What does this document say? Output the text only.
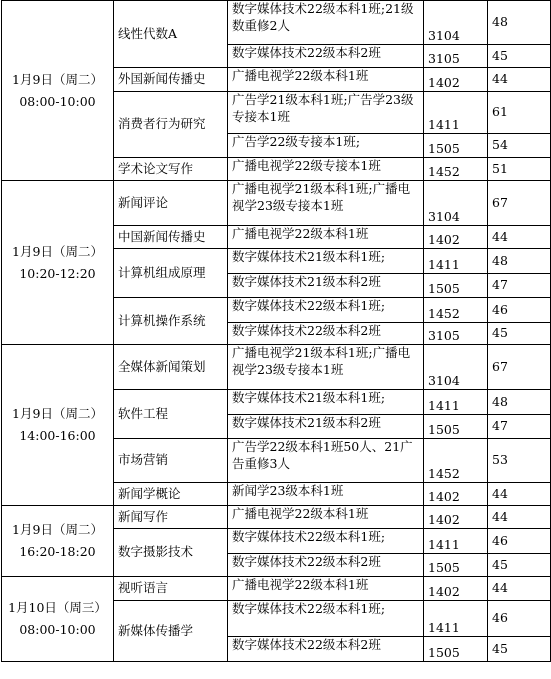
1月9日（周二）
08:00-10:00	线性代数A	数字媒体技术22级本科1班;21级数重修2人	3104	48
		数字媒体技术22级本科2班	3105	45
	外国新闻传播史	广播电视学22级本科1班	1402	44
	消费者行为研究	广告学21级本科1班;广告学23级专接本1班	1411	61
		广告学22级专接本1班;	1505	54
	学术论文写作	广播电视学22级专接本1班	1452	51

1月9日（周二）
10:20-12:20	新闻评论	广播电视学21级本科1班;广播电视学23级专接本1班	3104	67
	中国新闻传播史	广播电视学22级本科1班	1402	44
	计算机组成原理	数字媒体技术21级本科1班;	1411	48
		数字媒体技术21级本科2班	1505	47
	计算机操作系统	数字媒体技术22级本科1班;	1452	46
		数字媒体技术22级本科2班	3105	45

1月9日（周二）
14:00-16:00	全媒体新闻策划	广播电视学21级本科1班;广播电视学23级专接本1班	3104	67
	软件工程	数字媒体技术21级本科1班;	1411	48
		数字媒体技术21级本科2班	1505	47
	市场营销	广告学22级本科1班50人、21广告重修3人	1452	53
	新闻学概论	新闻学23级本科1班	1402	44

1月9日（周二）
16:20-18:20	新闻写作	广播电视学22级本科1班	1402	44
	数字摄影技术	数字媒体技术22级本科1班;	1411	46
		数字媒体技术22级本科2班	1505	45

1月10日（周三）
08:00-10:00	视听语言	广播电视学22级本科1班	1402	44
	新媒体传播学	数字媒体技术22级本科1班;	1411	46
		数字媒体技术22级本科2班	1505	45
